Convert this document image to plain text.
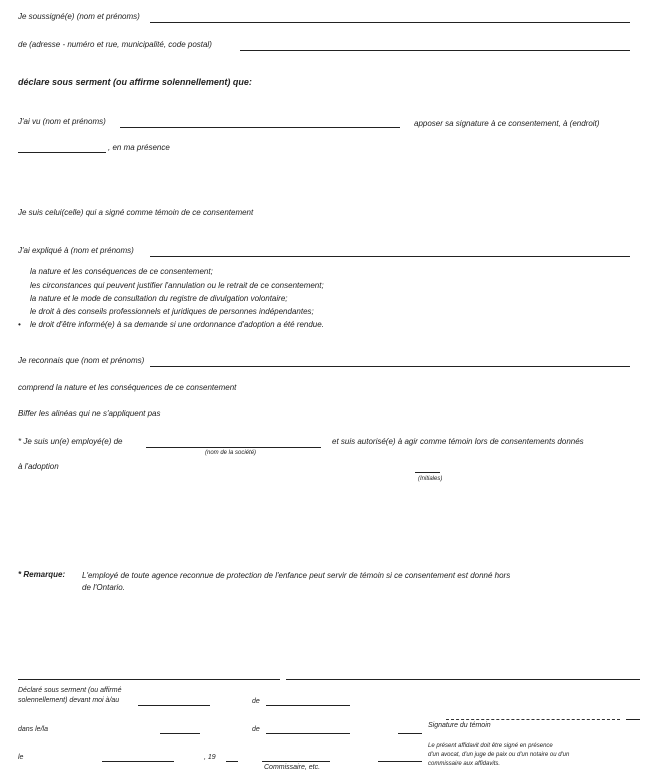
Je soussigné(e) (nom et prénoms)
de (adresse - numéro et rue, municipalité, code postal)
déclare sous serment (ou affirme solennellement) que:
J'ai vu (nom et prénoms)	apposer sa signature à ce consentement, à (endroit)
, en ma présence
Je suis celui(celle) qui a signé comme témoin de ce consentement
J'ai expliqué à (nom et prénoms)
la nature et les conséquences de ce consentement;
les circonstances qui peuvent justifier l'annulation ou le retrait de ce consentement;
la nature et le mode de consultation du registre de divulgation volontaire;
le droit à des conseils professionnels et juridiques de personnes indépendantes;
• le droit d'être informé(e) à sa demande si une ordonnance d'adoption a été rendue.
Je reconnais que (nom et prénoms)
comprend la nature et les conséquences de ce consentement
Biffer les alinéas qui ne s'appliquent pas
* Je suis un(e) employé(e) de
(nom de la société)
et suis autorisé(e) à agir comme témoin lors de consentements donnés
à l'adoption
(Initiales)
* Remarque: L'employé de toute agence reconnue de protection de l'enfance peut servir de témoin si ce consentement est donné hors
de l'Ontario.
Déclaré sous serment (ou affirmé
solennellement) devant moi à/au	de
dans le/la	de
le	, 19
Commissaire, etc.
Signature du témoin
Le présent affidavit doit être signé en présence
d'un avocat, d'un juge de paix ou d'un notaire ou d'un
commissaire aux affidavits.
